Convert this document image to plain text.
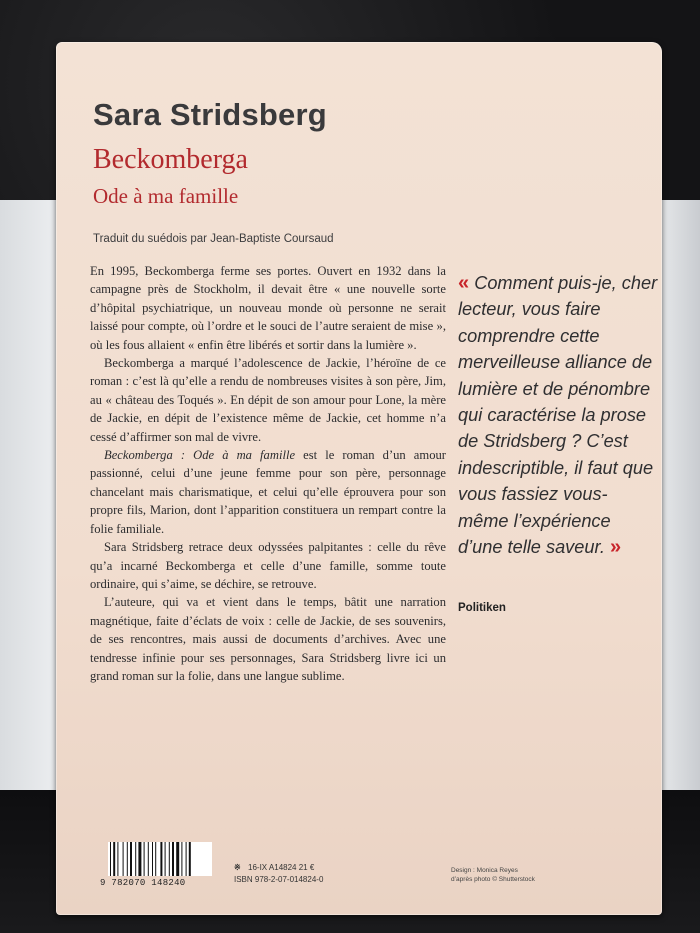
Sara Stridsberg
Beckomberga
Ode à ma famille
Traduit du suédois par Jean-Baptiste Coursaud

En 1995, Beckomberga ferme ses portes. Ouvert en 1932 dans la campagne près de Stockholm, il devait être « une nouvelle sorte d’hôpital psychiatrique, un nouveau monde où personne ne serait laissé pour compte, où l’ordre et le souci de l’autre seraient de mise », où les fous allaient « enfin être libérés et sortir dans la lumière ».

Beckomberga a marqué l’adolescence de Jackie, l’héroïne de ce roman : c’est là qu’elle a rendu de nombreuses visites à son père, Jim, au « château des Toqués ». En dépit de son amour pour Lone, la mère de Jackie, en dépit de l’existence même de Jackie, cet homme n’a cessé d’affirmer son mal de vivre.

Beckomberga : Ode à ma famille est le roman d’un amour passionné, celui d’une jeune femme pour son père, personnage chancelant mais charismatique, et celui qu’elle éprouvera pour son propre fils, Marion, dont l’apparition constituera un rempart contre la folie familiale.

Sara Stridsberg retrace deux odyssées palpitantes : celle du rêve qu’a incarné Beckomberga et celle d’une famille, somme toute ordinaire, qui s’aime, se déchire, se retrouve.

L’auteure, qui va et vient dans le temps, bâtit une narration magnétique, faite d’éclats de voix : celle de Jackie, de ses souvenirs, de ses rencontres, mais aussi de documents d’archives. Avec une tendresse infinie pour ses personnages, Sara Stridsberg livre ici un grand roman sur la folie, dans une langue sublime.

« Comment puis-je, cher lecteur, vous faire comprendre cette merveilleuse alliance de lumière et de pénombre qui caractérise la prose de Stridsberg ? C’est indescriptible, il faut que vous fassiez vous-même l’expérience d’une telle saveur. »
Politiken
9 782070 148240
※ 16-IX A14824 21 €
ISBN 978-2-07-014824-0
Design : Monica Reyes
d’après photo © Shutterstock
